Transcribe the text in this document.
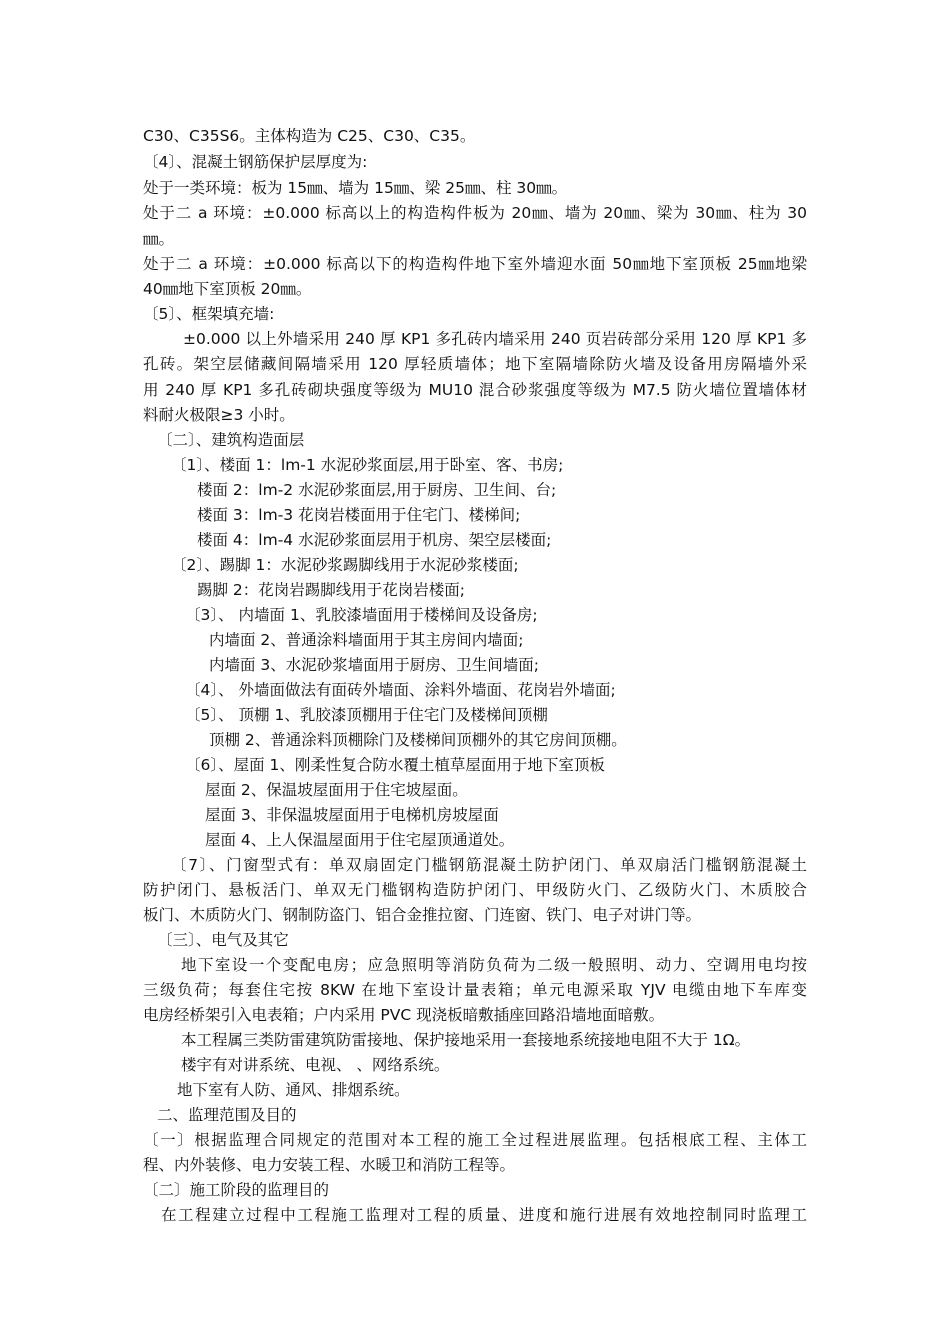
C30、C35S6。主体构造为 C25、C30、C35。
〔4〕、混凝土钢筋保护层厚度为:
处于一类环境：板为 15㎜、墙为 15㎜、梁 25㎜、柱 30㎜。
处于二 a 环境：±0.000 标高以上的构造构件板为 20㎜、墙为 20㎜、梁为 30㎜、柱为 30
㎜。
处于二 a 环境：±0.000 标高以下的构造构件地下室外墙迎水面 50㎜地下室顶板 25㎜地梁
40㎜地下室顶板 20㎜。
〔5〕、框架填充墙:
±0.000 以上外墙采用 240 厚 KP1 多孔砖内墙采用 240 页岩砖部分采用 120 厚 KP1 多
孔砖。架空层储藏间隔墙采用 120 厚轻质墙体；地下室隔墙除防火墙及设备用房隔墙外采
用 240 厚 KP1 多孔砖砌块强度等级为 MU10 混合砂浆强度等级为 M7.5 防火墙位置墙体材
料耐火极限≥3 小时。
〔二〕、建筑构造面层
〔1〕、楼面 1：lm-1 水泥砂浆面层,用于卧室、客、书房;
楼面 2：lm-2 水泥砂浆面层,用于厨房、卫生间、台;
楼面 3：lm-3 花岗岩楼面用于住宅门、楼梯间;
楼面 4：lm-4 水泥砂浆面层用于机房、架空层楼面;
〔2〕、踢脚 1：水泥砂浆踢脚线用于水泥砂浆楼面;
踢脚 2：花岗岩踢脚线用于花岗岩楼面;
〔3〕、 内墙面 1、乳胶漆墙面用于楼梯间及设备房;
内墙面 2、普通涂料墙面用于其主房间内墙面;
内墙面 3、水泥砂浆墙面用于厨房、卫生间墙面;
〔4〕、 外墙面做法有面砖外墙面、涂料外墙面、花岗岩外墙面;
〔5〕、 顶棚 1、乳胶漆顶棚用于住宅门及楼梯间顶棚
顶棚 2、普通涂料顶棚除门及楼梯间顶棚外的其它房间顶棚。
〔6〕、屋面 1、刚柔性复合防水覆土植草屋面用于地下室顶板
屋面 2、保温坡屋面用于住宅坡屋面。
屋面 3、非保温坡屋面用于电梯机房坡屋面
屋面 4、上人保温屋面用于住宅屋顶通道处。
〔7〕、门窗型式有：单双扇固定门槛钢筋混凝土防护闭门、单双扇活门槛钢筋混凝土
防护闭门、悬板活门、单双无门槛钢构造防护闭门、甲级防火门、乙级防火门、木质胶合
板门、木质防火门、钢制防盗门、铝合金推拉窗、门连窗、铁门、电子对讲门等。
〔三〕、电气及其它
地下室设一个变配电房；应急照明等消防负荷为二级一般照明、动力、空调用电均按
三级负荷；每套住宅按 8KW 在地下室设计量表箱；单元电源采取 YJV 电缆由地下车库变
电房经桥架引入电表箱；户内采用 PVC 现浇板暗敷插座回路沿墙地面暗敷。
本工程属三类防雷建筑防雷接地、保护接地采用一套接地系统接地电阻不大于 1Ω。
楼宇有对讲系统、电视、 、网络系统。
地下室有人防、通风、排烟系统。
二、监理范围及目的
〔一〕根据监理合同规定的范围对本工程的施工全过程进展监理。包括根底工程、主体工
程、内外装修、电力安装工程、水暖卫和消防工程等。
〔二〕施工阶段的监理目的
在工程建立过程中工程施工监理对工程的质量、进度和施行进展有效地控制同时监理工
